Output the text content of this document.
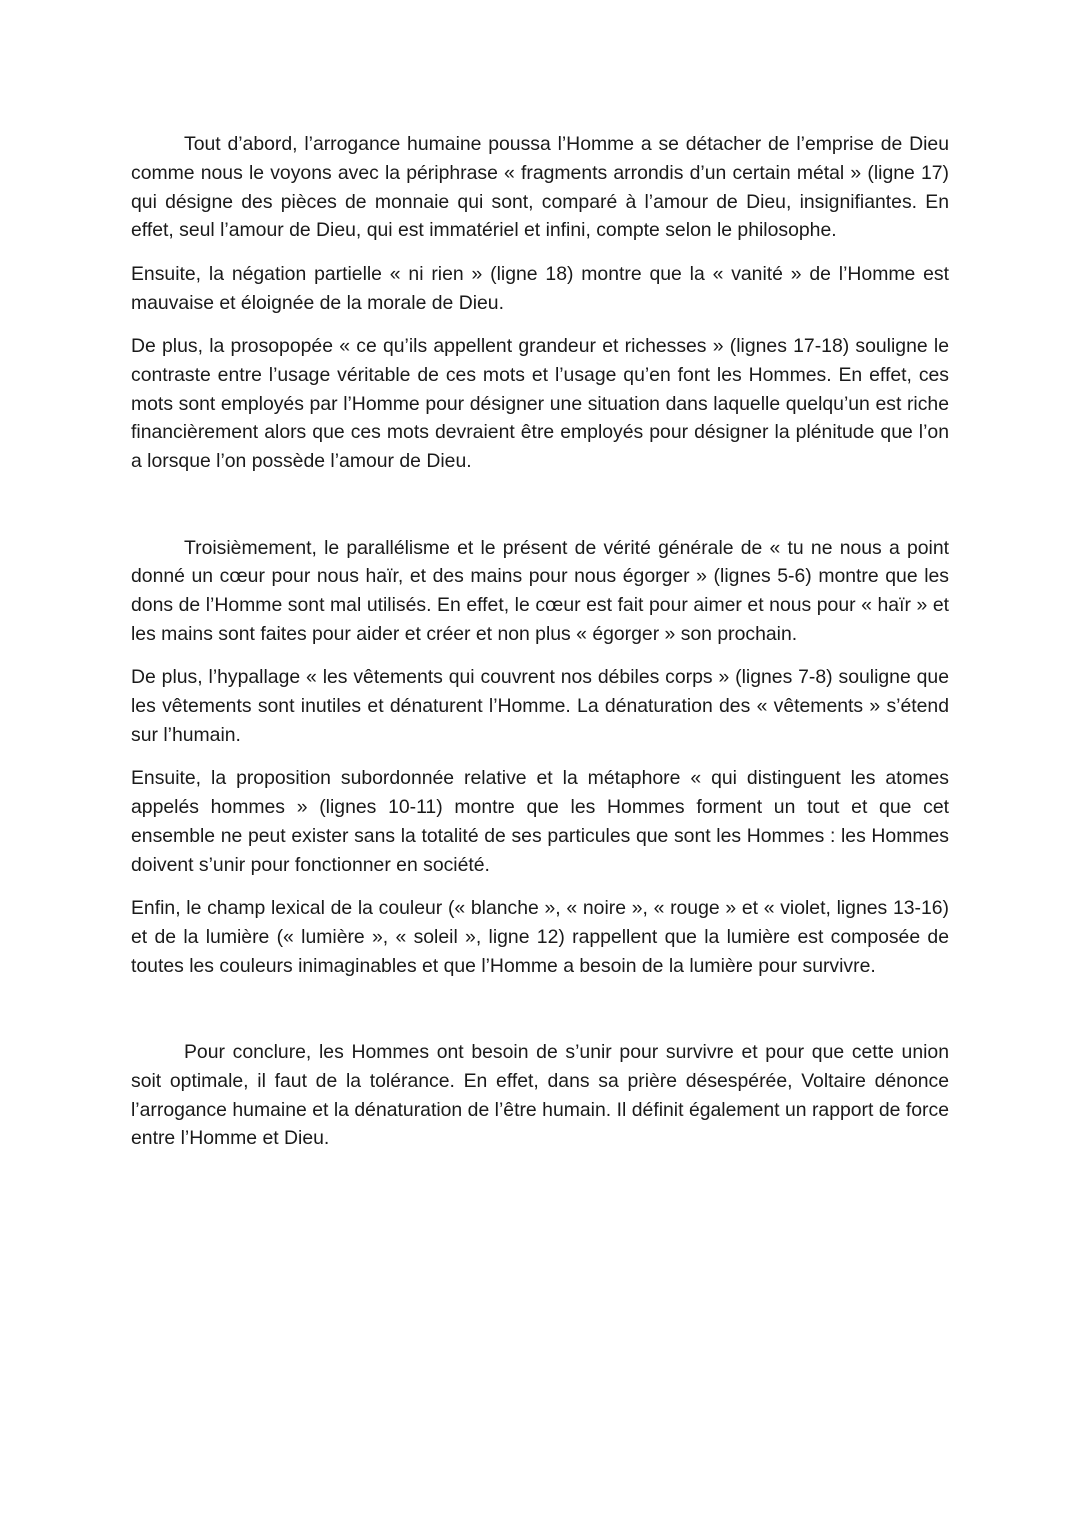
Tout d’abord, l’arrogance humaine poussa l’Homme a se détacher de l’emprise de Dieu comme nous le voyons avec la périphrase « fragments arrondis d’un certain métal » (ligne 17) qui désigne des pièces de monnaie qui sont, comparé à l’amour de Dieu, insignifiantes. En effet, seul l’amour de Dieu, qui est immatériel et infini, compte selon le philosophe.

Ensuite, la négation partielle « ni rien » (ligne 18) montre que la « vanité » de l’Homme est mauvaise et éloignée de la morale de Dieu.

De plus, la prosopopée « ce qu’ils appellent grandeur et richesses » (lignes 17-18) souligne le contraste entre l’usage véritable de ces mots et l’usage qu’en font les Hommes. En effet, ces mots sont employés par l’Homme pour désigner une situation dans laquelle quelqu’un est riche financièrement alors que ces mots devraient être employés pour désigner la plénitude que l’on a lorsque l’on possède l’amour de Dieu.

Troisièmement, le parallélisme et le présent de vérité générale de « tu ne nous a point donné un cœur pour nous haïr, et des mains pour nous égorger » (lignes 5-6) montre que les dons de l’Homme sont mal utilisés. En effet, le cœur est fait pour aimer et nous pour « haïr » et les mains sont faites pour aider et créer et non plus « égorger » son prochain.

De plus, l’hypallage « les vêtements qui couvrent nos débiles corps » (lignes 7-8) souligne que les vêtements sont inutiles et dénaturent l’Homme. La dénaturation des « vêtements » s’étend sur l’humain.

Ensuite, la proposition subordonnée relative et la métaphore « qui distinguent les atomes appelés hommes » (lignes 10-11) montre que les Hommes forment un tout et que cet ensemble ne peut exister sans la totalité de ses particules que sont les Hommes : les Hommes doivent s’unir pour fonctionner en société.

Enfin, le champ lexical de la couleur (« blanche », « noire », « rouge » et « violet, lignes 13-16) et de la lumière (« lumière », « soleil », ligne 12) rappellent que la lumière est composée de toutes les couleurs inimaginables et que l’Homme a besoin de la lumière pour survivre.

Pour conclure, les Hommes ont besoin de s’unir pour survivre et pour que cette union soit optimale, il faut de la tolérance. En effet, dans sa prière désespérée, Voltaire dénonce l’arrogance humaine et la dénaturation de l’être humain. Il définit également un rapport de force entre l’Homme et Dieu.
